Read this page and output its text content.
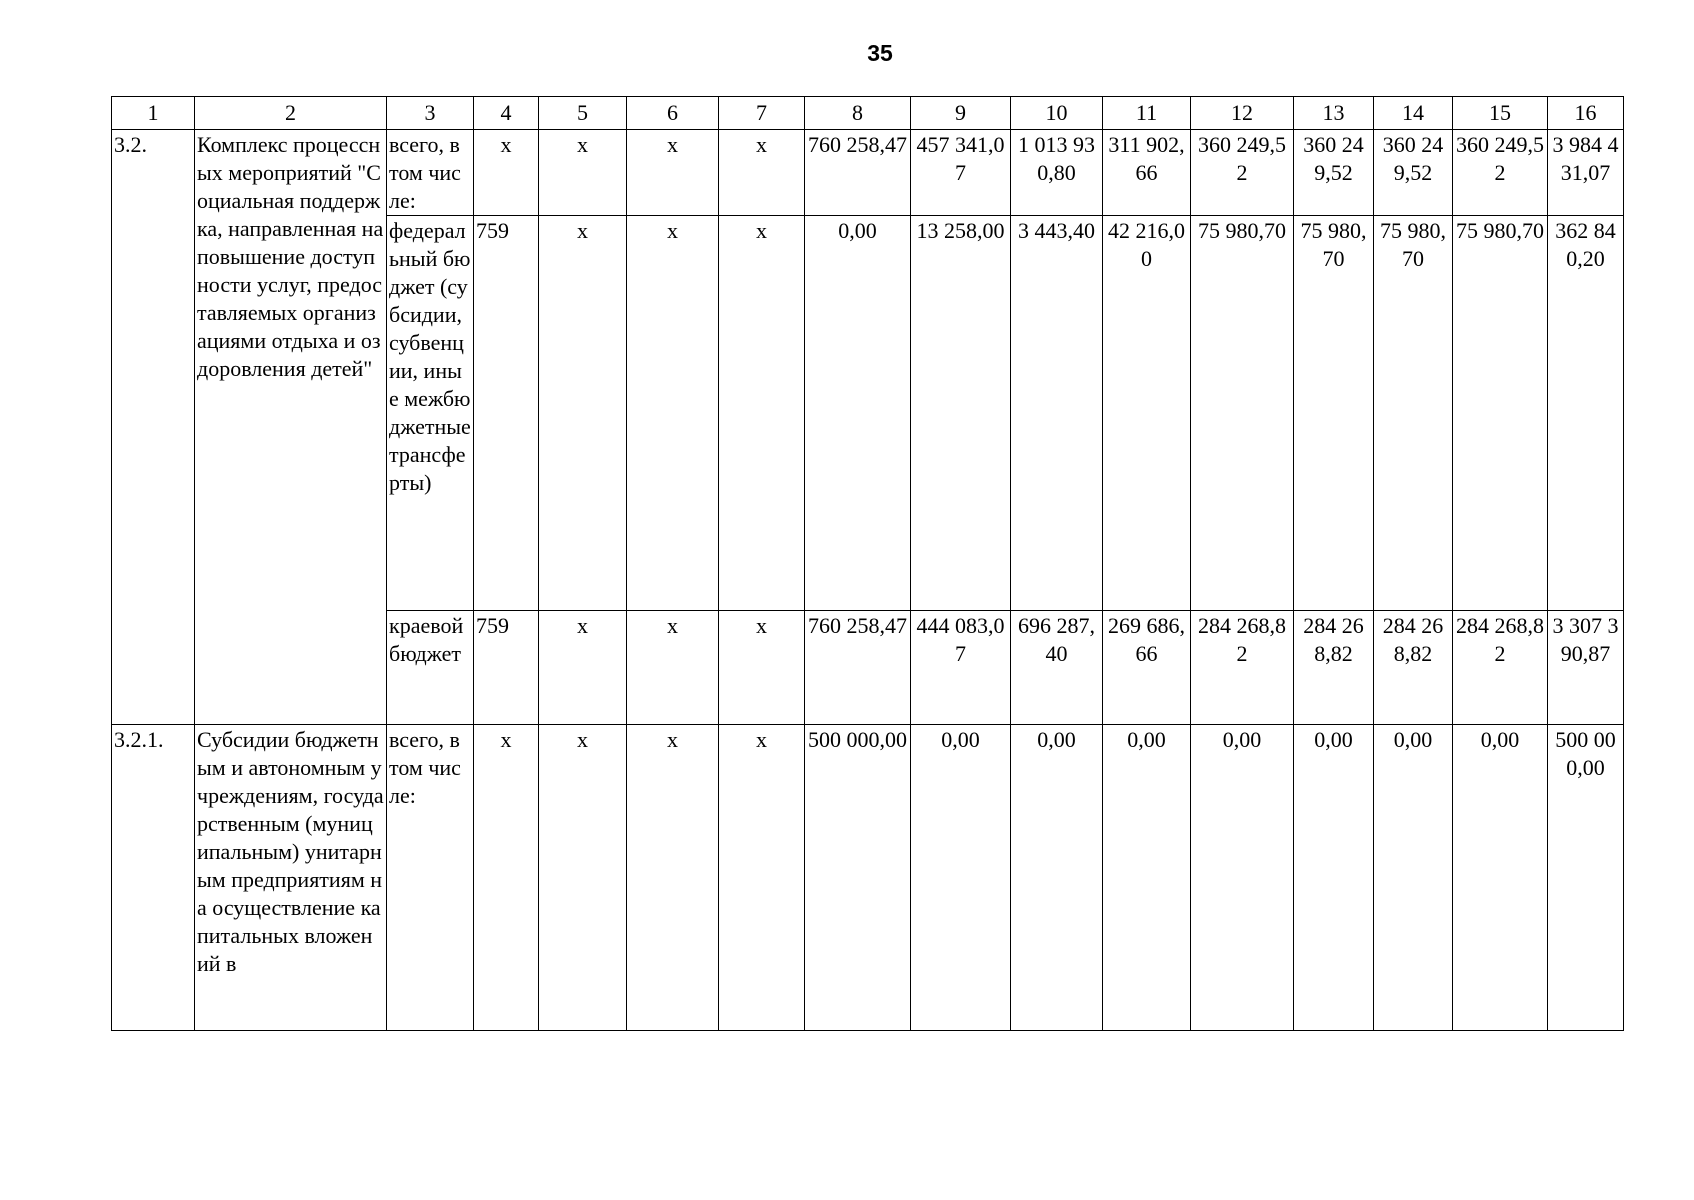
35
1	2	3	4	5	6	7	8	9	10	11	12	13	14	15	16
3.2.	Комплекс процессных мероприятий "Социальная поддержка, направленная на повышение доступности услуг, предоставляемых организациями отдыха и оздоровления детей"	всего, в том числе:	х	х	х	х	760 258,47	457 341,07	1 013 930,80	311 902,66	360 249,52	360 249,52	360 249,52	360 249,52	3 984 431,07
		федеральный бюджет (субсидии, субвенции, иные межбюджетные трансферты)	759	х	х	х	0,00	13 258,00	3 443,40	42 216,00	75 980,70	75 980,70	75 980,70	75 980,70	362 840,20
		краевой бюджет	759	х	х	х	760 258,47	444 083,07	696 287,40	269 686,66	284 268,82	284 268,82	284 268,82	284 268,82	3 307 390,87
3.2.1.	Субсидии бюджетным и автономным учреждениям, государственным (муниципальным) унитарным предприятиям на осуществление капитальных вложений в	всего, в том числе:	х	х	х	х	500 000,00	0,00	0,00	0,00	0,00	0,00	0,00	0,00	500 000,00
